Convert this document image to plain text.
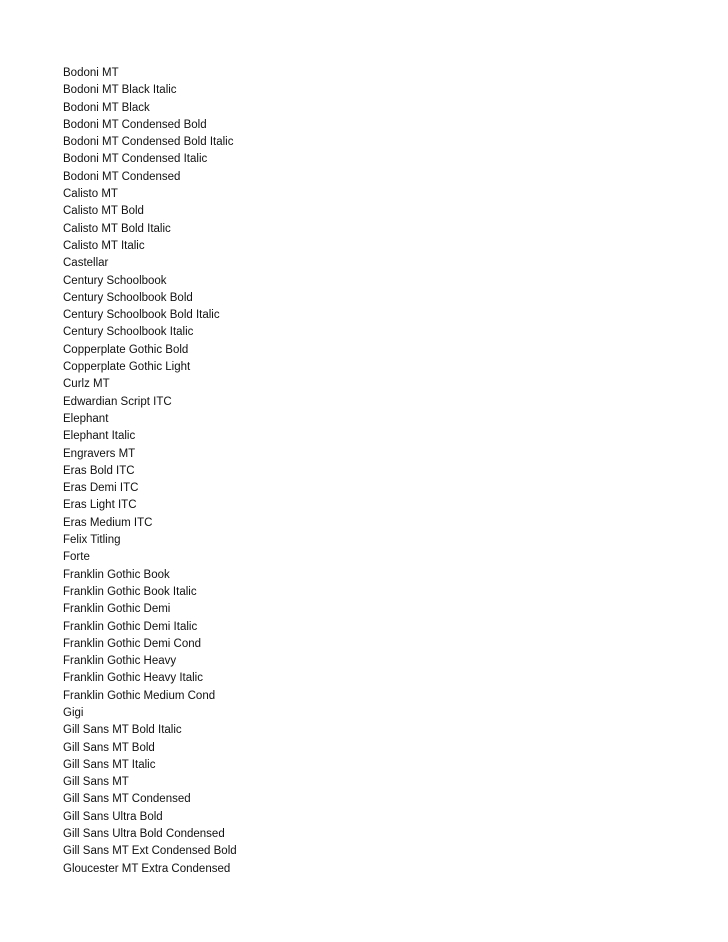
Bodoni MT
Bodoni MT Black Italic
Bodoni MT Black
Bodoni MT Condensed Bold
Bodoni MT Condensed Bold Italic
Bodoni MT Condensed Italic
Bodoni MT Condensed
Calisto MT
Calisto MT Bold
Calisto MT Bold Italic
Calisto MT Italic
Castellar
Century Schoolbook
Century Schoolbook Bold
Century Schoolbook Bold Italic
Century Schoolbook Italic
Copperplate Gothic Bold
Copperplate Gothic Light
Curlz MT
Edwardian Script ITC
Elephant
Elephant Italic
Engravers MT
Eras Bold ITC
Eras Demi ITC
Eras Light ITC
Eras Medium ITC
Felix Titling
Forte
Franklin Gothic Book
Franklin Gothic Book Italic
Franklin Gothic Demi
Franklin Gothic Demi Italic
Franklin Gothic Demi Cond
Franklin Gothic Heavy
Franklin Gothic Heavy Italic
Franklin Gothic Medium Cond
Gigi
Gill Sans MT Bold Italic
Gill Sans MT Bold
Gill Sans MT Italic
Gill Sans MT
Gill Sans MT Condensed
Gill Sans Ultra Bold
Gill Sans Ultra Bold Condensed
Gill Sans MT Ext Condensed Bold
Gloucester MT Extra Condensed
